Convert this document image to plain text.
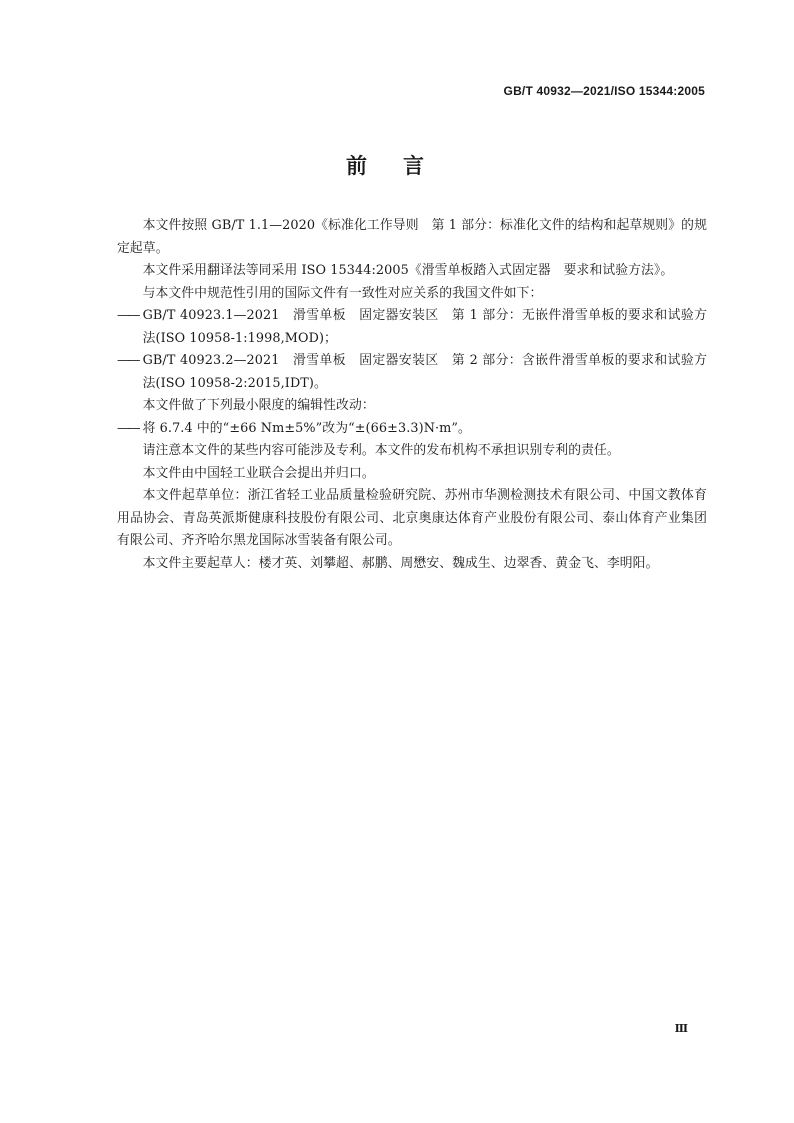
GB/T 40932—2021/ISO 15344:2005
前言

本文件按照 GB/T 1.1—2020《标准化工作导则　第 1 部分：标准化文件的结构和起草规则》的规定起草。

本文件采用翻译法等同采用 ISO 15344:2005《滑雪单板踏入式固定器　要求和试验方法》。

与本文件中规范性引用的国际文件有一致性对应关系的我国文件如下：

—— GB/T 40923.1—2021　滑雪单板　固定器安装区　第 1 部分：无嵌件滑雪单板的要求和试验方法(ISO 10958-1:1998,MOD)；

—— GB/T 40923.2—2021　滑雪单板　固定器安装区　第 2 部分：含嵌件滑雪单板的要求和试验方法(ISO 10958-2:2015,IDT)。

本文件做了下列最小限度的编辑性改动：

—— 将 6.7.4 中的“±66 Nm±5%”改为“±(66±3.3)N·m”。

请注意本文件的某些内容可能涉及专利。本文件的发布机构不承担识别专利的责任。

本文件由中国轻工业联合会提出并归口。

本文件起草单位：浙江省轻工业品质量检验研究院、苏州市华测检测技术有限公司、中国文教体育用品协会、青岛英派斯健康科技股份有限公司、北京奥康达体育产业股份有限公司、泰山体育产业集团有限公司、齐齐哈尔黑龙国际冰雪装备有限公司。

本文件主要起草人：楼才英、刘攀超、郝鹏、周懋安、魏成生、边翠香、黄金飞、李明阳。

Ⅲ
